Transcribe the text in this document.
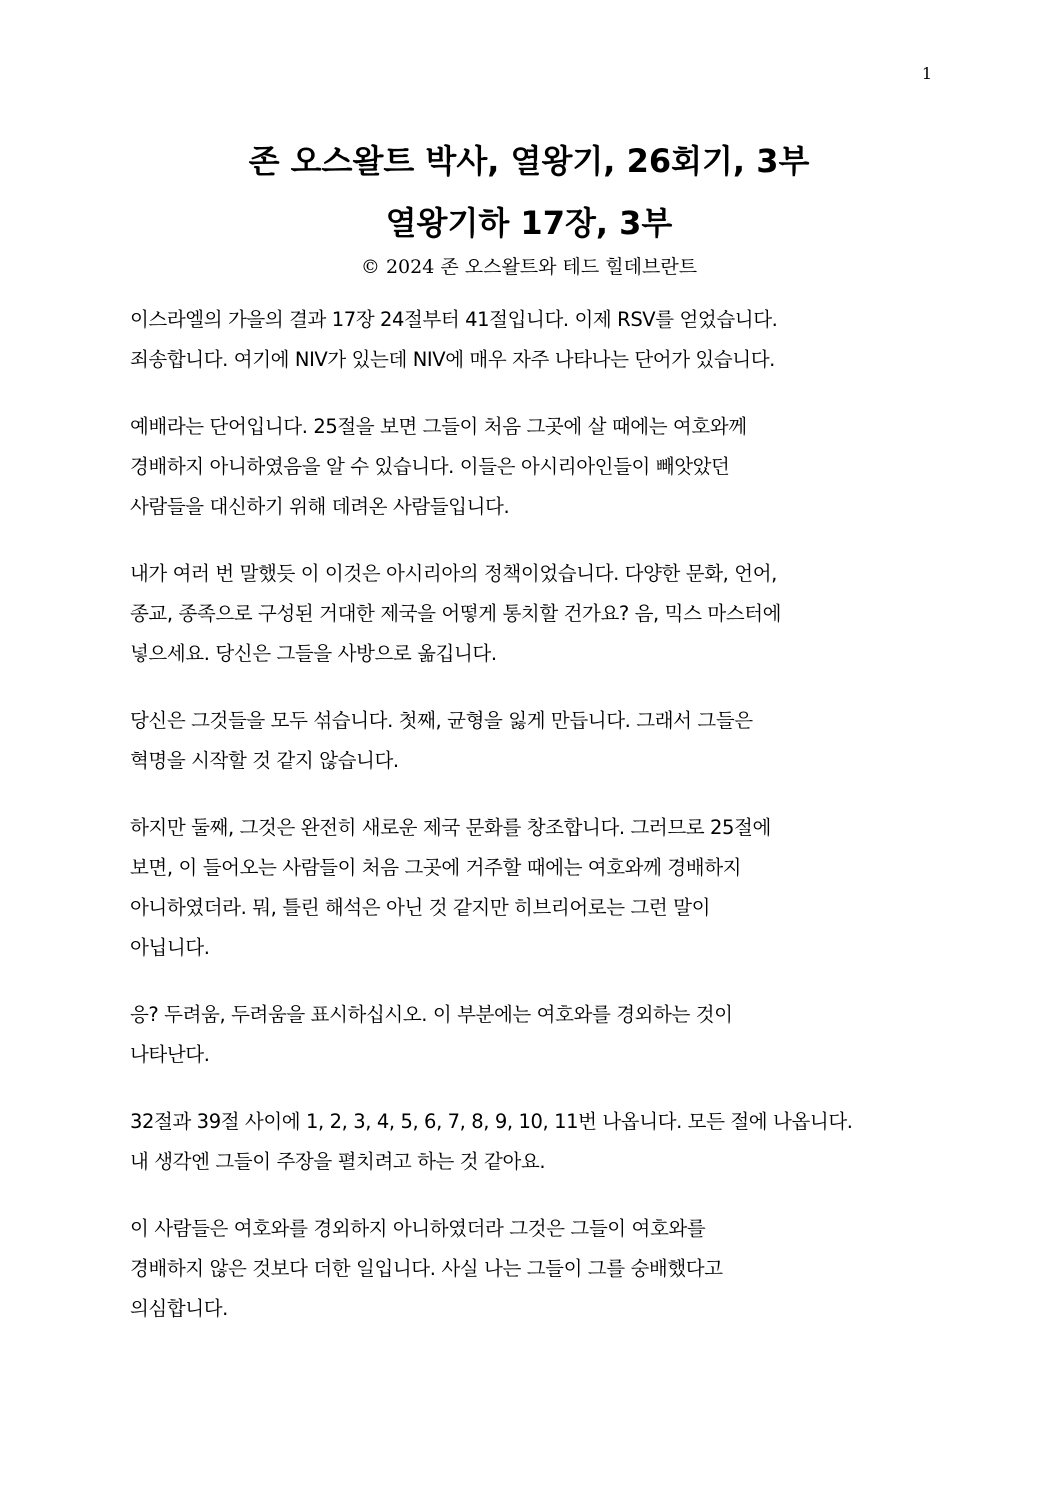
1
존 오스왈트 박사, 열왕기, 26회기, 3부
열왕기하 17장, 3부

© 2024 존 오스왈트와 테드 힐데브란트

이스라엘의 가을의 결과 17장 24절부터 41절입니다. 이제 RSV를 얻었습니다.
죄송합니다. 여기에 NIV가 있는데 NIV에 매우 자주 나타나는 단어가 있습니다.

예배라는 단어입니다. 25절을 보면 그들이 처음 그곳에 살 때에는 여호와께
경배하지 아니하였음을 알 수 있습니다. 이들은 아시리아인들이 빼앗았던
사람들을 대신하기 위해 데려온 사람들입니다.

내가 여러 번 말했듯 이 이것은 아시리아의 정책이었습니다. 다양한 문화, 언어,
종교, 종족으로 구성된 거대한 제국을 어떻게 통치할 건가요? 음, 믹스 마스터에
넣으세요. 당신은 그들을 사방으로 옮깁니다.

당신은 그것들을 모두 섞습니다. 첫째, 균형을 잃게 만듭니다. 그래서 그들은
혁명을 시작할 것 같지 않습니다.

하지만 둘째, 그것은 완전히 새로운 제국 문화를 창조합니다. 그러므로 25절에
보면, 이 들어오는 사람들이 처음 그곳에 거주할 때에는 여호와께 경배하지
아니하였더라. 뭐, 틀린 해석은 아닌 것 같지만 히브리어로는 그런 말이
아닙니다.

응? 두려움, 두려움을 표시하십시오. 이 부분에는 여호와를 경외하는 것이
나타난다.

32절과 39절 사이에 1, 2, 3, 4, 5, 6, 7, 8, 9, 10, 11번 나옵니다. 모든 절에 나옵니다.
내 생각엔 그들이 주장을 펼치려고 하는 것 같아요.

이 사람들은 여호와를 경외하지 아니하였더라 그것은 그들이 여호와를
경배하지 않은 것보다 더한 일입니다. 사실 나는 그들이 그를 숭배했다고
의심합니다.
